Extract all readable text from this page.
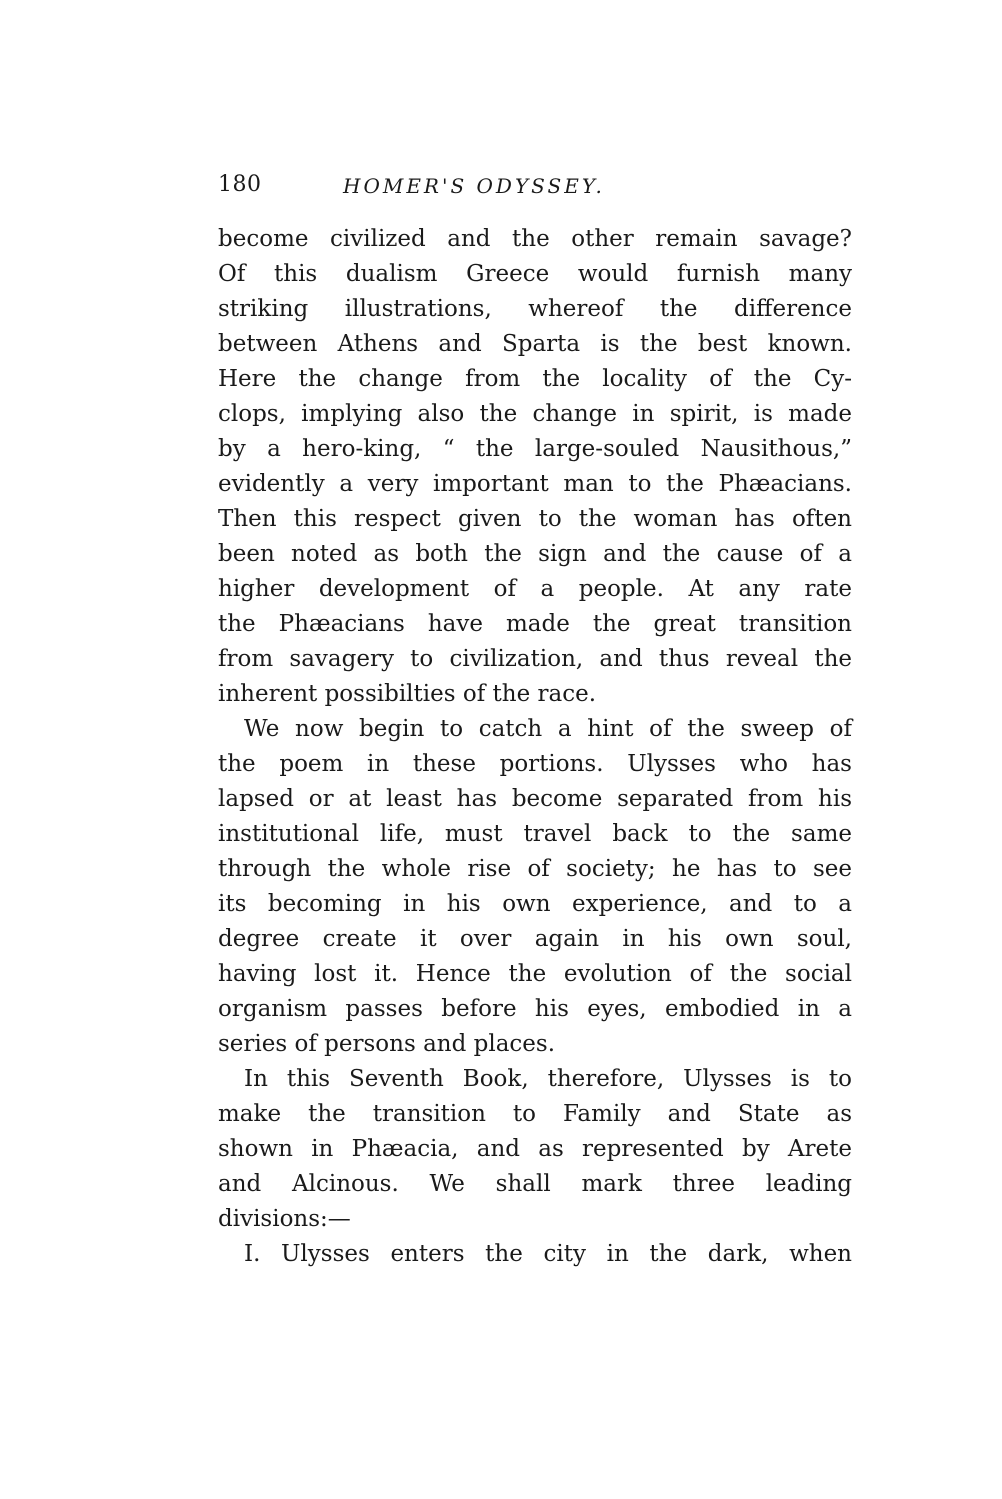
180	HOMER'S ODYSSEY.
become civilized and the other remain savage?
Of this dualism Greece would furnish many
striking illustrations, whereof the difference
between Athens and Sparta is the best known.
Here the change from the locality of the Cy-
clops, implying also the change in spirit, is made
by a hero-king, “ the large-souled Nausithous,”
evidently a very important man to the Phæacians.
Then this respect given to the woman has often
been noted as both the sign and the cause of a
higher development of a people. At any rate
the Phæacians have made the great transition
from savagery to civilization, and thus reveal the
inherent possibilties of the race.
We now begin to catch a hint of the sweep of
the poem in these portions. Ulysses who has
lapsed or at least has become separated from his
institutional life, must travel back to the same
through the whole rise of society; he has to see
its becoming in his own experience, and to a
degree create it over again in his own soul,
having lost it. Hence the evolution of the social
organism passes before his eyes, embodied in a
series of persons and places.
In this Seventh Book, therefore, Ulysses is to
make the transition to Family and State as
shown in Phæacia, and as represented by Arete
and Alcinous. We shall mark three leading
divisions:—
I. Ulysses enters the city in the dark, when
